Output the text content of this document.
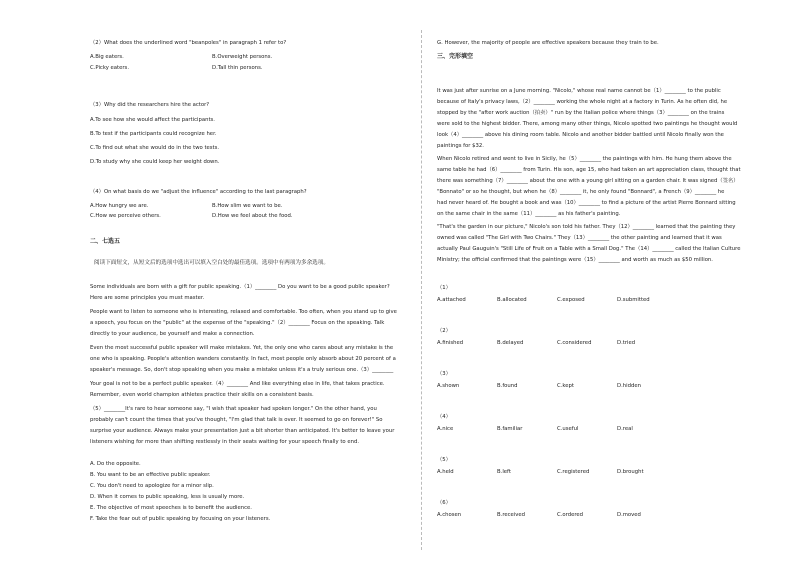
（2）What does the underlined word "beanpoles" in paragraph 1 refer to?
A.Big eaters.	B.Overweight persons.
C.Picky eaters.	D.Tall thin persons.
（3）Why did the researchers hire the actor?
A.To see how she would affect the participants.
B.To test if the participants could recognize her.
C.To find out what she would do in the two tests.
D.To study why she could keep her weight down.
（4）On what basis do we "adjust the influence" according to the last paragraph?
A.How hungry we are.	B.How slim we want to be.
C.How we perceive others.	D.How we feel about the food.
二、七选五
阅读下面短文，从短文后的选项中选出可以填入空白处的最佳选项。选项中有两项为多余选项。
Some individuals are born with a gift for public speaking.（1）________ Do you want to be a good public speaker?
Here are some principles you must master.
People want to listen to someone who is interesting, relaxed and comfortable. Too often, when you stand up to give
a speech, you focus on the "public" at the expense of the "speaking."（2）________ Focus on the speaking. Talk
directly to your audience, be yourself and make a connection.
Even the most successful public speaker will make mistakes. Yet, the only one who cares about any mistake is the
one who is speaking. People's attention wanders constantly. In fact, most people only absorb about 20 percent of a
speaker's message. So, don't stop speaking when you make a mistake unless it's a truly serious one.（3）________
Your goal is not to be a perfect public speaker.（4）________ And like everything else in life, that takes practice.
Remember, even world champion athletes practice their skills on a consistent basis.
（5）________It's rare to hear someone say, "I wish that speaker had spoken longer." On the other hand, you
probably can't count the times that you've thought, "I'm glad that talk is over. It seemed to go on forever!" So
surprise your audience. Always make your presentation just a bit shorter than anticipated. It's better to leave your
listeners wishing for more than shifting restlessly in their seats waiting for your speech finally to end.
A. Do the opposite.
B. You want to be an effective public speaker.
C. You don't need to apologize for a minor slip.
D. When it comes to public speaking, less is usually more.
E. The objective of most speeches is to benefit the audience.
F. Take the fear out of public speaking by focusing on your listeners.
G. However, the majority of people are effective speakers because they train to be.
三、完形填空
It was just after sunrise on a June morning. "Nicolo," whose real name cannot be（1）________ to the public
because of Italy's privacy laws,（2）________ working the whole night at a factory in Turin. As he often did, he
stopped by the "after work auction（拍卖）" run by the Italian police where things（3）________ on the trains
were sold to the highest bidder. There, among many other things, Nicolo spotted two paintings he thought would
look（4）________ above his dining room table. Nicolo and another bidder battled until Nicolo finally won the
paintings for $32.
When Nicolo retired and went to live in Sicily, he（5）________ the paintings with him. He hung them above the
same table he had（6）________ from Turin. His son, age 15, who had taken an art appreciation class, thought that
there was something（7）________ about the one with a young girl sitting on a garden chair. It was signed（签名）
"Bonnato" or so he thought, but when he（8）________ it, he only found "Bonnard", a French（9）________ he
had never heard of. He bought a book and was（10）________ to find a picture of the artist Pierre Bonnard sitting
on the same chair in the same（11）________ as his father's painting.
"That's the garden in our picture," Nicolo's son told his father. They（12）________ learned that the painting they
owned was called "The Girl with Two Chairs." They（13）________ the other painting and learned that it was
actually Paul Gauguin's "Still Life of Fruit on a Table with a Small Dog." The（14）________ called the Italian Culture
Ministry; the official confirmed that the paintings were（15）________ and worth as much as $50 million.
（1）
A.attached	B.allocated	C.exposed	D.submitted
（2）
A.finished	B.delayed	C.considered	D.tried
（3）
A.shown	B.found	C.kept	D.hidden
（4）
A.nice	B.familiar	C.useful	D.real
（5）
A.held	B.left	C.registered	D.brought
（6）
A.chosen	B.received	C.ordered	D.moved
